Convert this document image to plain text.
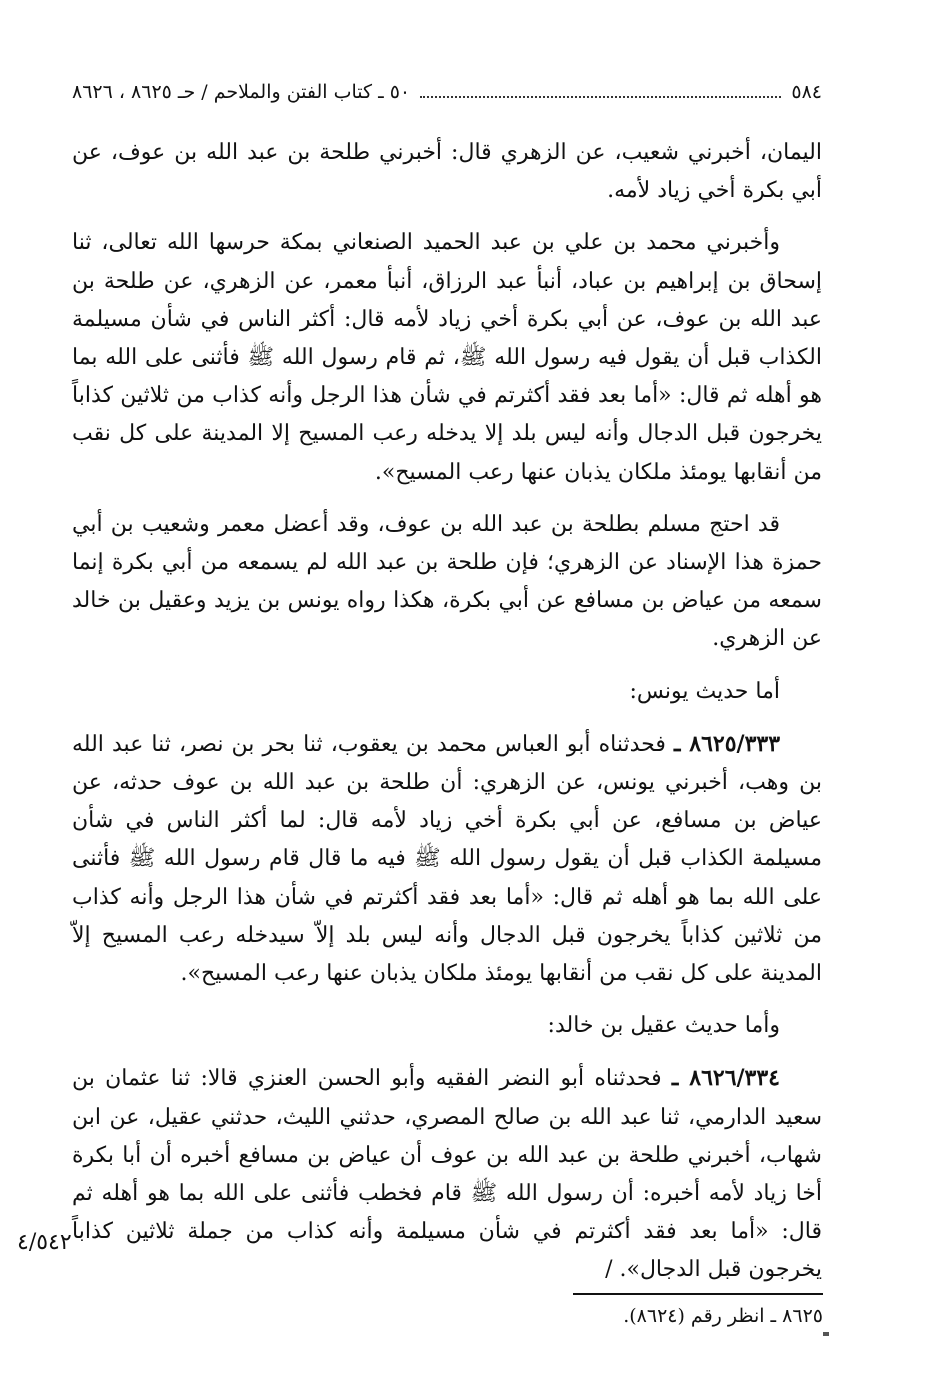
٥٨٤
٥٠ ـ كتاب الفتن والملاحم / حـ ٨٦٢٥ ، ٨٦٢٦

اليمان، أخبرني شعيب، عن الزهري قال: أخبرني طلحة بن عبد الله بن عوف، عن أبي بكرة أخي زياد لأمه.

وأخبرني محمد بن علي بن عبد الحميد الصنعاني بمكة حرسها الله تعالى، ثنا إسحاق بن إبراهيم بن عباد، أنبأ عبد الرزاق، أنبأ معمر، عن الزهري، عن طلحة بن عبد الله بن عوف، عن أبي بكرة أخي زياد لأمه قال: أكثر الناس في شأن مسيلمة الكذاب قبل أن يقول فيه رسول الله ﷺ، ثم قام رسول الله ﷺ فأثنى على الله بما هو أهله ثم قال: «أما بعد فقد أكثرتم في شأن هذا الرجل وأنه كذاب من ثلاثين كذاباً يخرجون قبل الدجال وأنه ليس بلد إلا يدخله رعب المسيح إلا المدينة على كل نقب من أنقابها يومئذ ملكان يذبان عنها رعب المسيح».

قد احتج مسلم بطلحة بن عبد الله بن عوف، وقد أعضل معمر وشعيب بن أبي حمزة هذا الإسناد عن الزهري؛ فإن طلحة بن عبد الله لم يسمعه من أبي بكرة إنما سمعه من عياض بن مسافع عن أبي بكرة، هكذا رواه يونس بن يزيد وعقيل بن خالد عن الزهري.

أما حديث يونس:

٨٦٢٥/٣٣٣ ـ فحدثناه أبو العباس محمد بن يعقوب، ثنا بحر بن نصر، ثنا عبد الله بن وهب، أخبرني يونس، عن الزهري: أن طلحة بن عبد الله بن عوف حدثه، عن عياض بن مسافع، عن أبي بكرة أخي زياد لأمه قال: لما أكثر الناس في شأن مسيلمة الكذاب قبل أن يقول رسول الله ﷺ فيه ما قال قام رسول الله ﷺ فأثنى على الله بما هو أهله ثم قال: «أما بعد فقد أكثرتم في شأن هذا الرجل وأنه كذاب من ثلاثين كذاباً يخرجون قبل الدجال وأنه ليس بلد إلاّ سيدخله رعب المسيح إلاّ المدينة على كل نقب من أنقابها يومئذ ملكان يذبان عنها رعب المسيح».

وأما حديث عقيل بن خالد:

٨٦٢٦/٣٣٤ ـ فحدثناه أبو النضر الفقيه وأبو الحسن العنزي قالا: ثنا عثمان بن سعيد الدارمي، ثنا عبد الله بن صالح المصري، حدثني الليث، حدثني عقيل، عن ابن شهاب، أخبرني طلحة بن عبد الله بن عوف أن عياض بن مسافع أخبره أن أبا بكرة أخا زياد لأمه أخبره: أن رسول الله ﷺ قام فخطب فأثنى على الله بما هو أهله ثم قال: «أما بعد فقد أكثرتم في شأن مسيلمة وأنه كذاب من جملة ثلاثين كذاباً يخرجون قبل الدجال». /

٤/٥٤٢
٨٦٢٥ ـ انظر رقم (٨٦٢٤).
